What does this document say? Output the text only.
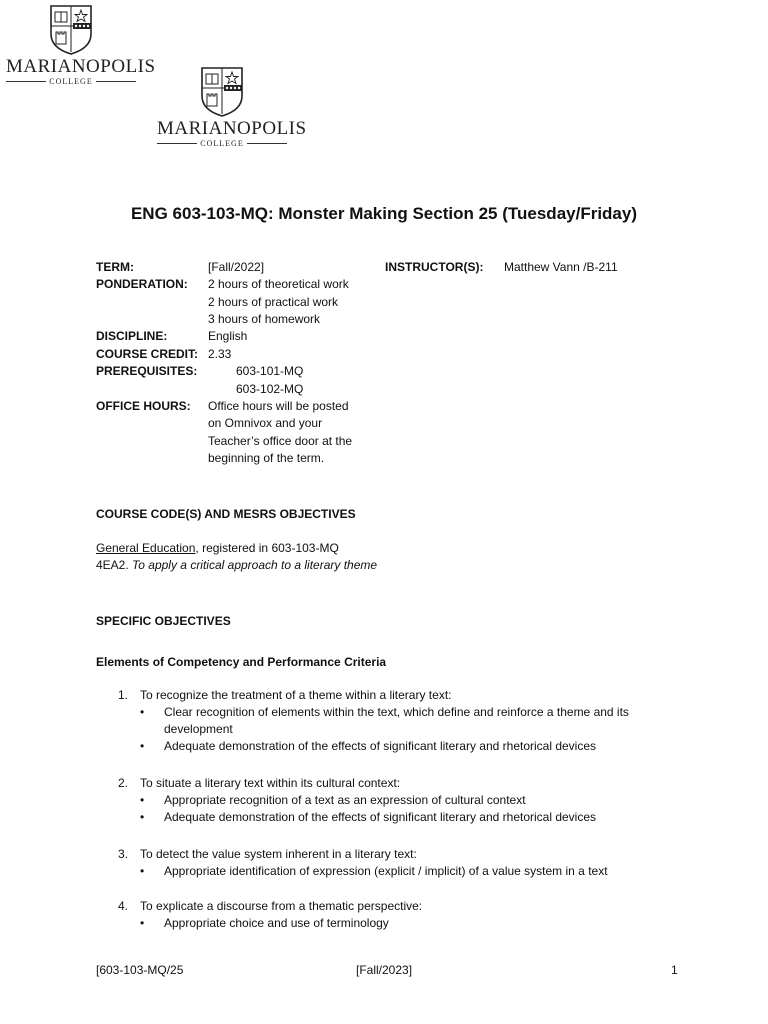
MARIANOPOLIS
COLLEGE
MARIANOPOLIS
COLLEGE
ENG 603-103-MQ: Monster Making Section 25 (Tuesday/Friday)
TERM:	[Fall/2022]	INSTRUCTOR(S): Matthew Vann /B-211
PONDERATION: 2 hours of theoretical work
2 hours of practical work
3 hours of homework
DISCIPLINE:	English
COURSE CREDIT: 2.33
PREREQUISITES:	603-101-MQ
603-102-MQ
OFFICE HOURS: Office hours will be posted
on Omnivox and your
Teacher’s office door at the
beginning of the term.
COURSE CODE(S) AND MESRS OBJECTIVES
General Education, registered in 603-103-MQ
4EA2. To apply a critical approach to a literary theme
SPECIFIC OBJECTIVES
Elements of Competency and Performance Criteria
1. To recognize the treatment of a theme within a literary text:
• Clear recognition of elements within the text, which define and reinforce a theme and its development
• Adequate demonstration of the effects of significant literary and rhetorical devices
2. To situate a literary text within its cultural context:
• Appropriate recognition of a text as an expression of cultural context
• Adequate demonstration of the effects of significant literary and rhetorical devices
3. To detect the value system inherent in a literary text:
• Appropriate identification of expression (explicit / implicit) of a value system in a text
4. To explicate a discourse from a thematic perspective:
• Appropriate choice and use of terminology
[603-103-MQ/25	[Fall/2023]	1
